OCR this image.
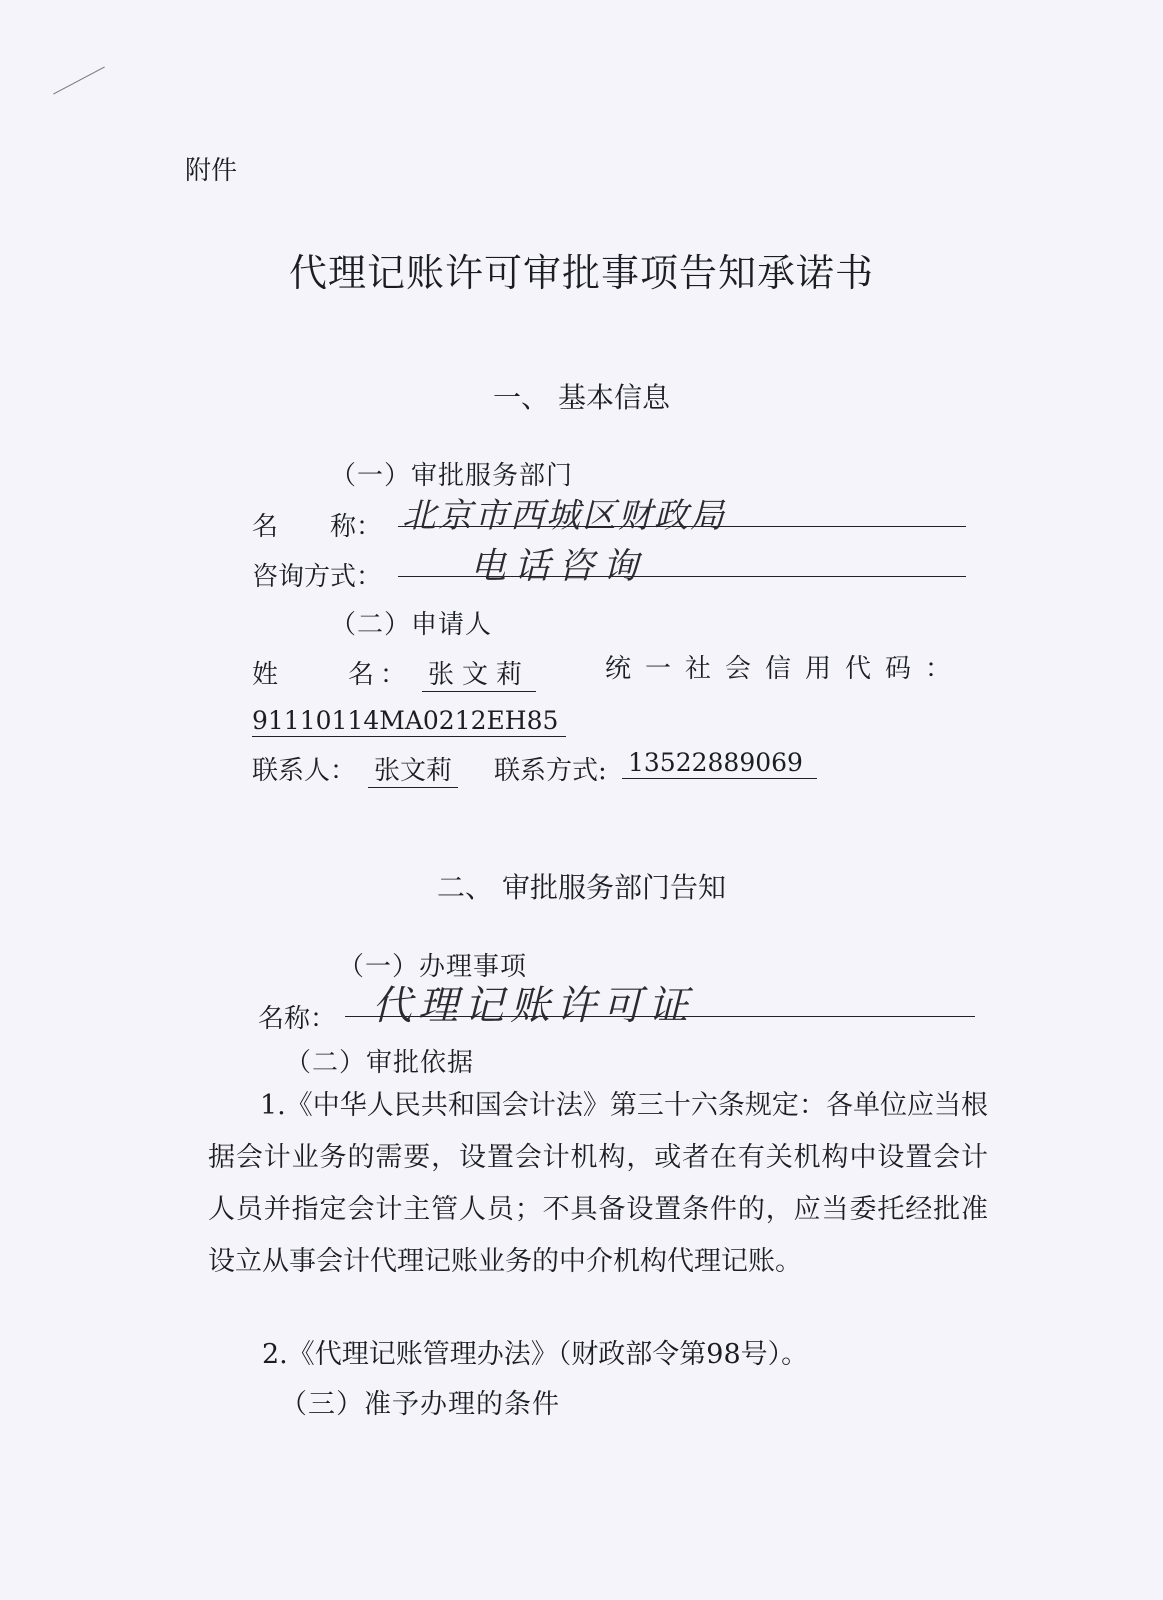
附件
代理记账许可审批事项告知承诺书
一、 基本信息
（一）审批服务部门
名　　称： 北京市西城区财政局
咨询方式： 电话咨询
（二）申请人
姓　　名： 张文莉	统一社会信用代码：
91110114MA0212EH85
联系人： 张文莉 联系方式: 13522889069
二、 审批服务部门告知
（一）办理事项
名称： 代理记账许可证
（二）审批依据
1.《中华人民共和国会计法》第三十六条规定：各单位应当根据会计业务的需要，设置会计机构，或者在有关机构中设置会计人员并指定会计主管人员；不具备设置条件的，应当委托经批准设立从事会计代理记账业务的中介机构代理记账。
2.《代理记账管理办法》（财政部令第98号）。
（三）准予办理的条件
